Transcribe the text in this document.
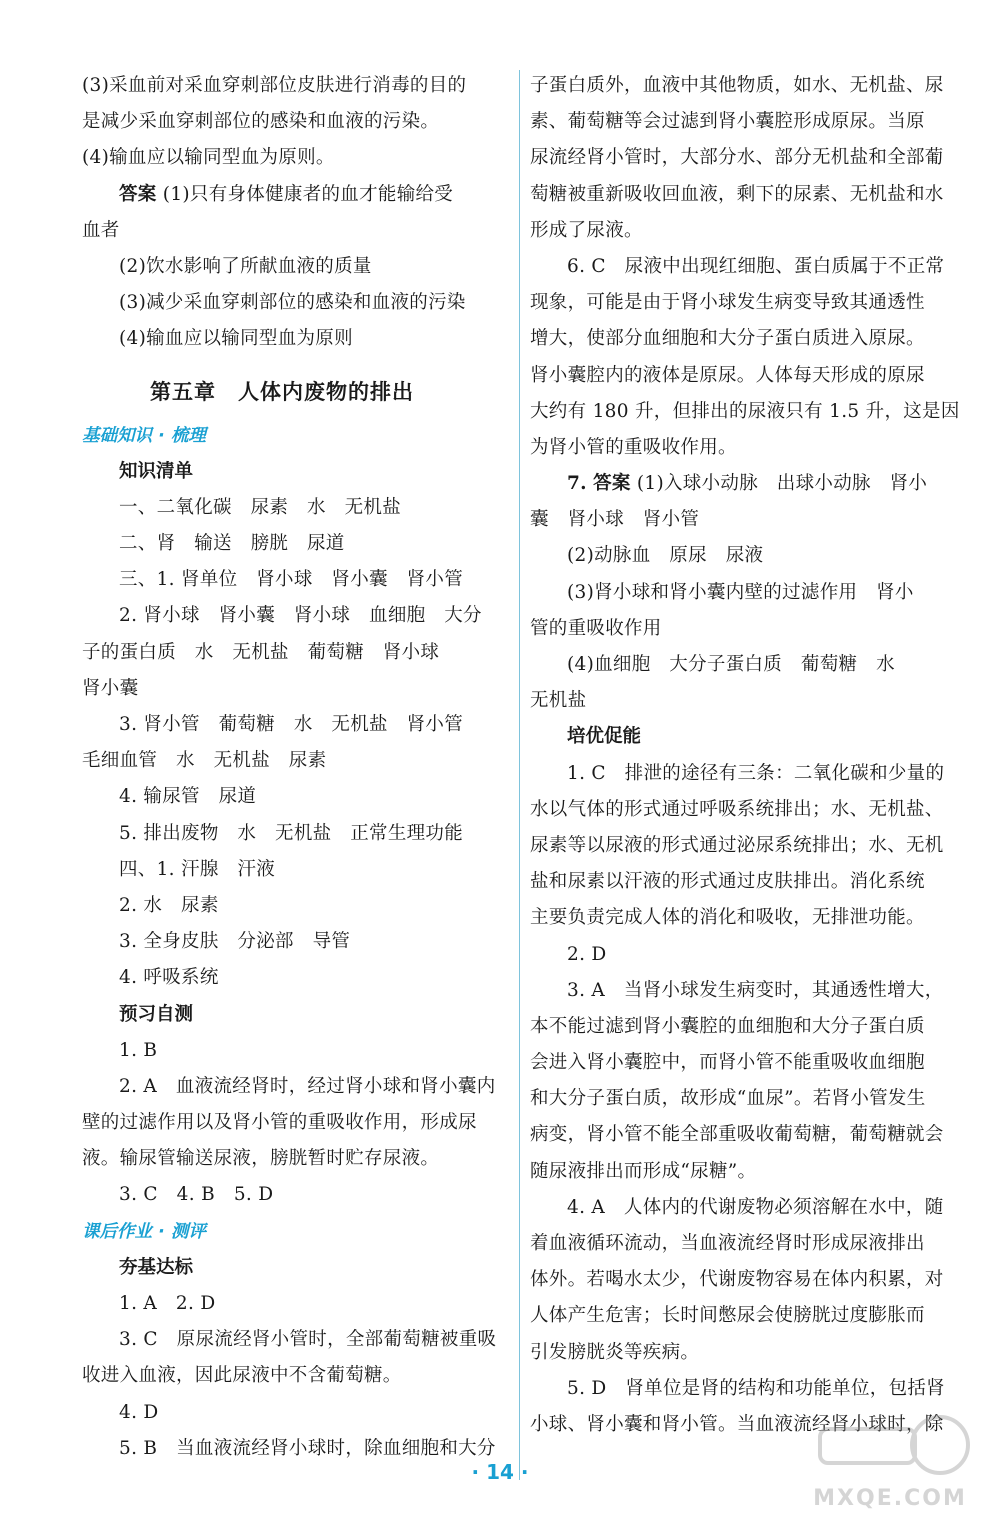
(3)采血前对采血穿刺部位皮肤进行消毒的目的
是减少采血穿刺部位的感染和血液的污染。
(4)输血应以输同型血为原则。
答案 (1)只有身体健康者的血才能输给受
血者
(2)饮水影响了所献血液的质量
(3)减少采血穿刺部位的感染和血液的污染
(4)输血应以输同型血为原则
第五章　人体内废物的排出
基础知识 · 梳理
知识清单
一、二氧化碳　尿素　水　无机盐
二、肾　输送　膀胱　尿道
三、1. 肾单位　肾小球　肾小囊　肾小管
2. 肾小球　肾小囊　肾小球　血细胞　大分
子的蛋白质　水　无机盐　葡萄糖　肾小球
肾小囊
3. 肾小管　葡萄糖　水　无机盐　肾小管
毛细血管　水　无机盐　尿素
4. 输尿管　尿道
5. 排出废物　水　无机盐　正常生理功能
四、1. 汗腺　汗液
2. 水　尿素
3. 全身皮肤　分泌部　导管
4. 呼吸系统
预习自测
1. B
2. A　血液流经肾时，经过肾小球和肾小囊内
壁的过滤作用以及肾小管的重吸收作用，形成尿
液。输尿管输送尿液，膀胱暂时贮存尿液。
3. C　4. B　5. D
课后作业 · 测评
夯基达标
1. A　2. D
3. C　原尿流经肾小管时，全部葡萄糖被重吸
收进入血液，因此尿液中不含葡萄糖。
4. D
5. B　当血液流经肾小球时，除血细胞和大分
子蛋白质外，血液中其他物质，如水、无机盐、尿
素、葡萄糖等会过滤到肾小囊腔形成原尿。当原
尿流经肾小管时，大部分水、部分无机盐和全部葡
萄糖被重新吸收回血液，剩下的尿素、无机盐和水
形成了尿液。
6. C　尿液中出现红细胞、蛋白质属于不正常
现象，可能是由于肾小球发生病变导致其通透性
增大，使部分血细胞和大分子蛋白质进入原尿。
肾小囊腔内的液体是原尿。人体每天形成的原尿
大约有 180 升，但排出的尿液只有 1.5 升，这是因
为肾小管的重吸收作用。
7. 答案 (1)入球小动脉　出球小动脉　肾小
囊　肾小球　肾小管
(2)动脉血　原尿　尿液
(3)肾小球和肾小囊内壁的过滤作用　肾小
管的重吸收作用
(4)血细胞　大分子蛋白质　葡萄糖　水
无机盐
培优促能
1. C　排泄的途径有三条：二氧化碳和少量的
水以气体的形式通过呼吸系统排出；水、无机盐、
尿素等以尿液的形式通过泌尿系统排出；水、无机
盐和尿素以汗液的形式通过皮肤排出。消化系统
主要负责完成人体的消化和吸收，无排泄功能。
2. D
3. A　当肾小球发生病变时，其通透性增大，
本不能过滤到肾小囊腔的血细胞和大分子蛋白质
会进入肾小囊腔中，而肾小管不能重吸收血细胞
和大分子蛋白质，故形成“血尿”。若肾小管发生
病变，肾小管不能全部重吸收葡萄糖，葡萄糖就会
随尿液排出而形成“尿糖”。
4. A　人体内的代谢废物必须溶解在水中，随
着血液循环流动，当血液流经肾时形成尿液排出
体外。若喝水太少，代谢废物容易在体内积累，对
人体产生危害；长时间憋尿会使膀胱过度膨胀而
引发膀胱炎等疾病。
5. D　肾单位是肾的结构和功能单位，包括肾
小球、肾小囊和肾小管。当血液流经肾小球时，除
· 14 ·
MXQE.COM
